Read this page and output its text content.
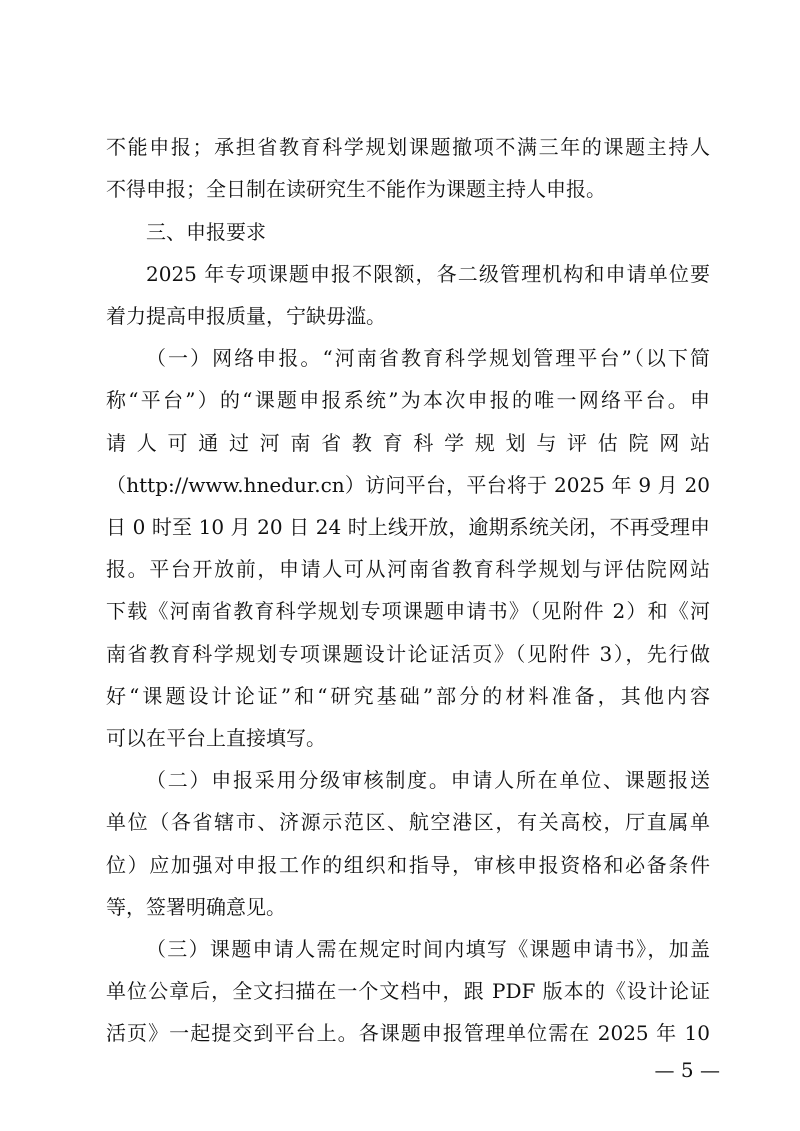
不能申报；承担省教育科学规划课题撤项不满三年的课题主持人
不得申报；全日制在读研究生不能作为课题主持人申报。
三、申报要求
2025 年专项课题申报不限额，各二级管理机构和申请单位要
着力提高申报质量，宁缺毋滥。
（一）网络申报。“河南省教育科学规划管理平台”（以下简
称“平台”）的“课题申报系统”为本次申报的唯一网络平台。申
请人可通过河南省教育科学规划与评估院网站
（http://www.hnedur.cn）访问平台，平台将于 2025 年 9 月 20
日 0 时至 10 月 20 日 24 时上线开放，逾期系统关闭，不再受理申
报。平台开放前，申请人可从河南省教育科学规划与评估院网站
下载《河南省教育科学规划专项课题申请书》（见附件 2）和《河
南省教育科学规划专项课题设计论证活页》（见附件 3），先行做
好“课题设计论证”和“研究基础”部分的材料准备，其他内容
可以在平台上直接填写。
（二）申报采用分级审核制度。申请人所在单位、课题报送
单位（各省辖市、济源示范区、航空港区，有关高校，厅直属单
位）应加强对申报工作的组织和指导，审核申报资格和必备条件
等，签署明确意见。
（三）课题申请人需在规定时间内填写《课题申请书》，加盖
单位公章后，全文扫描在一个文档中，跟 PDF 版本的《设计论证
活页》一起提交到平台上。各课题申报管理单位需在 2025 年 10
— 5 —
